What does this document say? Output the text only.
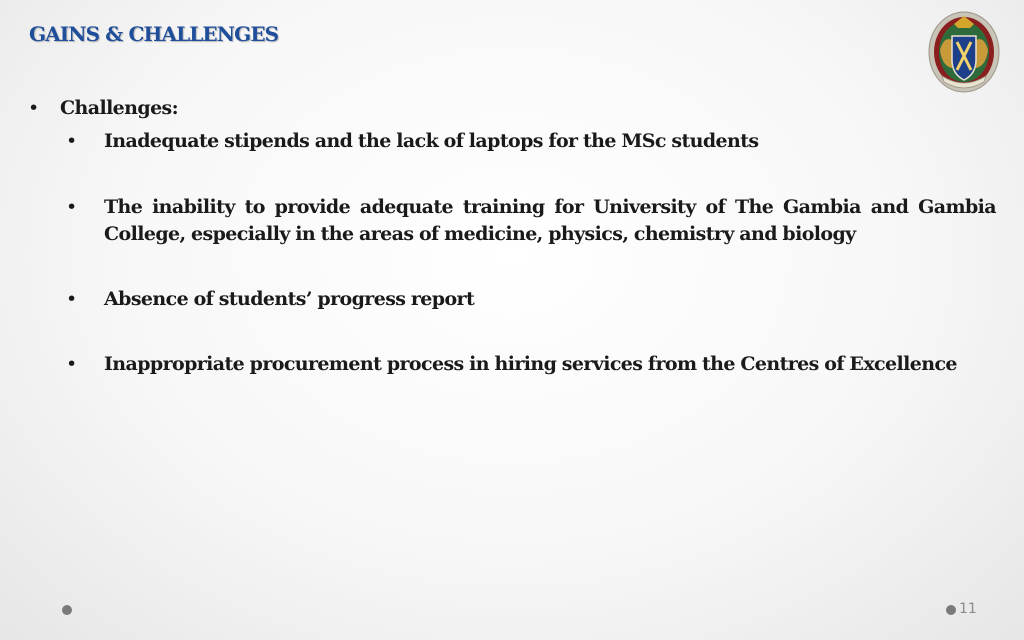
GAINS & CHALLENGES
• Challenges:
• Inadequate stipends and the lack of laptops for the MSc students
• The inability to provide adequate training for University of The Gambia and Gambia College, especially in the areas of medicine, physics, chemistry and biology
• Absence of students’ progress report
• Inappropriate procurement process in hiring services from the Centres of Excellence
11
